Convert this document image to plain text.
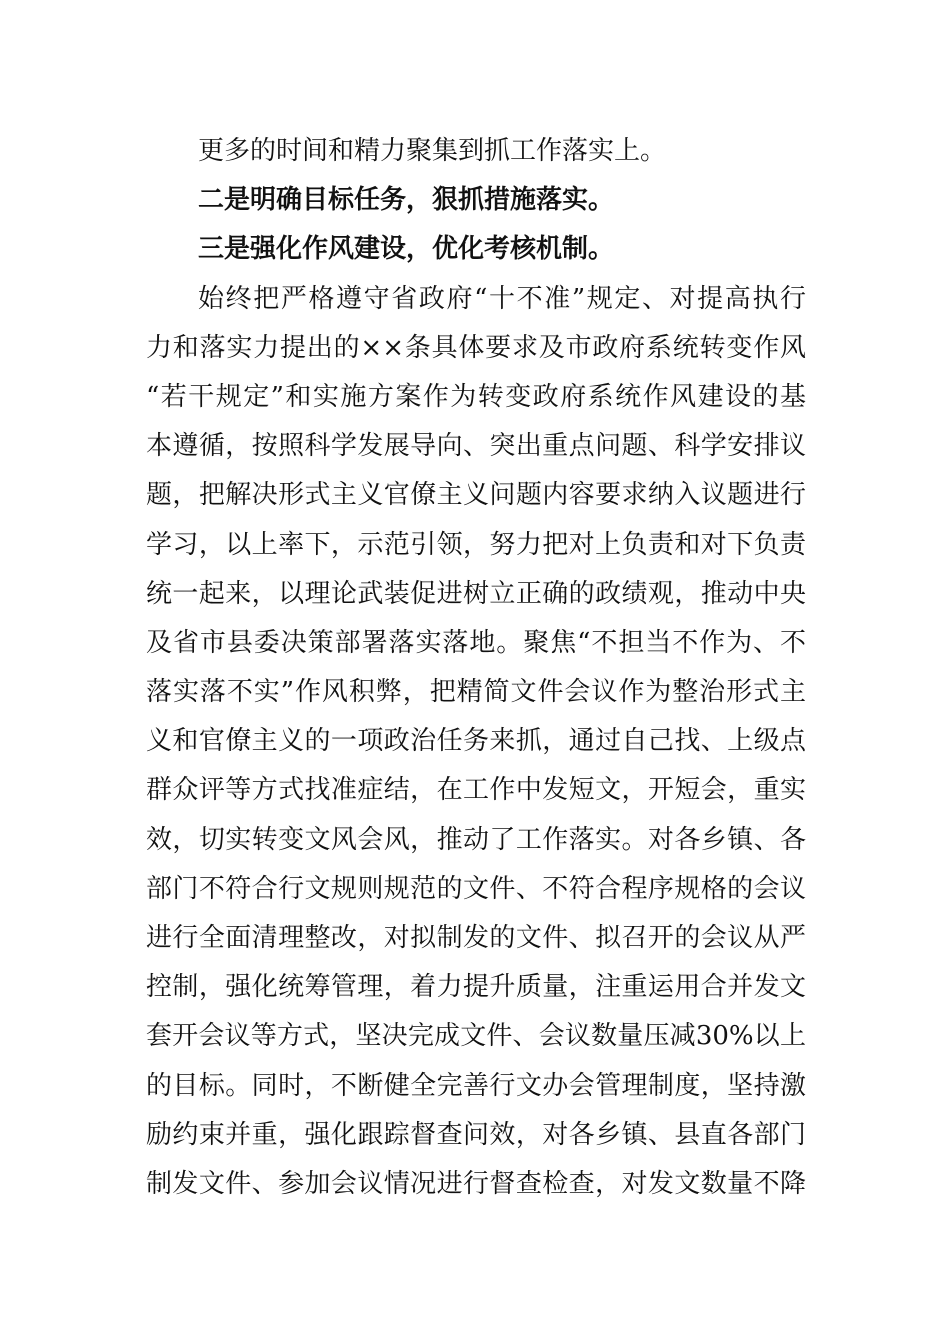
更多的时间和精力聚集到抓工作落实上。
二是明确目标任务，狠抓措施落实。
三是强化作风建设，优化考核机制。
始终把严格遵守省政府“十不准”规定、对提高执行
力和落实力提出的××条具体要求及市政府系统转变作风
“若干规定”和实施方案作为转变政府系统作风建设的基
本遵循，按照科学发展导向、突出重点问题、科学安排议
题，把解决形式主义官僚主义问题内容要求纳入议题进行
学习，以上率下，示范引领，努力把对上负责和对下负责
统一起来，以理论武装促进树立正确的政绩观，推动中央
及省市县委决策部署落实落地。聚焦“不担当不作为、不
落实落不实”作风积弊，把精简文件会议作为整治形式主
义和官僚主义的一项政治任务来抓，通过自己找、上级点
群众评等方式找准症结，在工作中发短文，开短会，重实
效，切实转变文风会风，推动了工作落实。对各乡镇、各
部门不符合行文规则规范的文件、不符合程序规格的会议
进行全面清理整改，对拟制发的文件、拟召开的会议从严
控制，强化统筹管理，着力提升质量，注重运用合并发文
套开会议等方式，坚决完成文件、会议数量压减30%以上
的目标。同时，不断健全完善行文办会管理制度，坚持激
励约束并重，强化跟踪督查问效，对各乡镇、县直各部门
制发文件、参加会议情况进行督查检查，对发文数量不降
